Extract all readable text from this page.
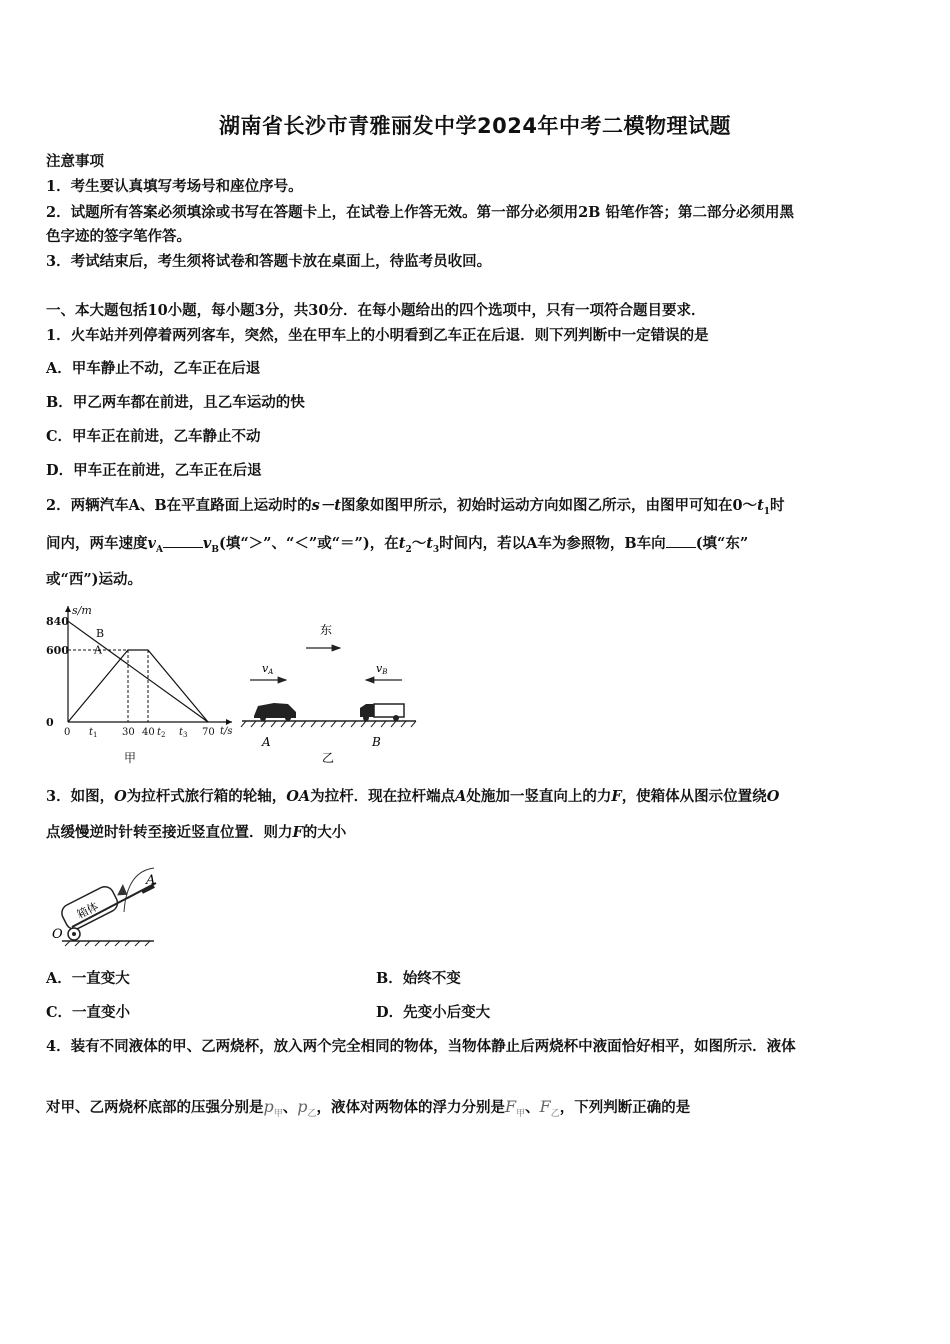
湖南省长沙市青雅丽发中学2024年中考二模物理试题
注意事项
1．考生要认真填写考场号和座位序号。
2．试题所有答案必须填涂或书写在答题卡上，在试卷上作答无效。第一部分必须用2B 铅笔作答；第二部分必须用黑
色字迹的签字笔作答。
3．考试结束后，考生须将试卷和答题卡放在桌面上，待监考员收回。
一、本大题包括10小题，每小题3分，共30分．在每小题给出的四个选项中，只有一项符合题目要求．
1．火车站并列停着两列客车，突然，坐在甲车上的小明看到乙车正在后退．则下列判断中一定错误的是
A．甲车静止不动，乙车正在后退
B．甲乙两车都在前进，且乙车运动的快
C．甲车正在前进，乙车静止不动
D．甲车正在前进，乙车正在后退
2．两辆汽车A、B在平直路面上运动时的s－t图象如图甲所示，初始时运动方向如图乙所示，由图甲可知在$0\sim t_1$时
间内，两车速度$v_A$	$v_B$(填“＞”、“＜”或“＝”)，在$t_2\sim t_3$时间内，若以A车为参照物，B车向 (填“东”
或“西”)运动。
s/m
t/s
0
600
840
A
B
$t_1$ 30 40 $t_2$ $t_3$ 70
0
甲
东
vA	vB
A	B
乙
3．如图，O为拉杆式旅行箱的轮轴，OA为拉杆．现在拉杆端点A处施加一竖直向上的力F，使箱体从图示位置绕O
点缓慢逆时针转至接近竖直位置．则力F的大小
箱体
O
A
A．一直变大	B．始终不变
C．一直变小	D．先变小后变大
4．装有不同液体的甲、乙两烧杯，放入两个完全相同的物体，当物体静止后两烧杯中液面恰好相平，如图所示．液体
对甲、乙两烧杯底部的压强分别是$p_甲$、$p_乙$，液体对两物体的浮力分别是$F_甲$、$F_乙$，下列判断正确的是
